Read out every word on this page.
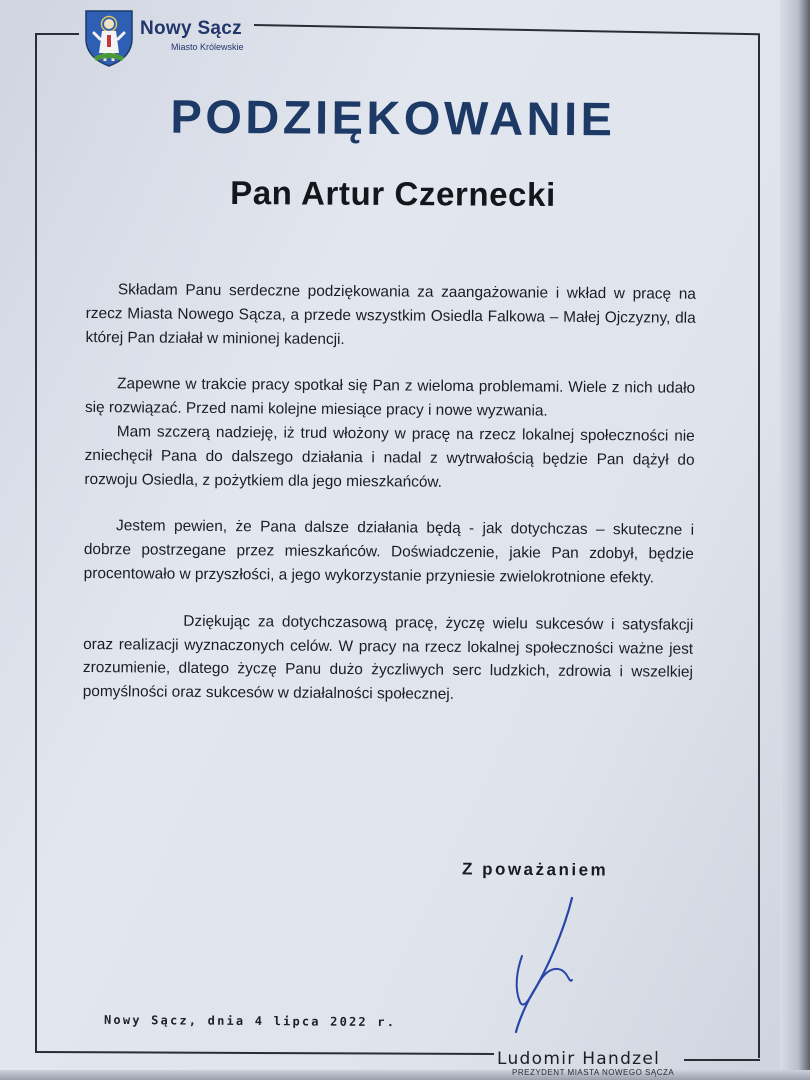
Nowy Sącz
Miasto Królewskie
PODZIĘKOWANIE
Pan Artur Czernecki

Składam Panu serdeczne podziękowania za zaangażowanie i wkład w pracę na rzecz Miasta Nowego Sącza, a przede wszystkim Osiedla Falkowa – Małej Ojczyzny, dla której Pan działał w minionej kadencji.

Zapewne w trakcie pracy spotkał się Pan z wieloma problemami. Wiele z nich udało się rozwiązać. Przed nami kolejne miesiące pracy i nowe wyzwania.

Mam szczerą nadzieję, iż trud włożony w pracę na rzecz lokalnej społeczności nie zniechęcił Pana do dalszego działania i nadal z wytrwałością będzie Pan dążył do rozwoju Osiedla, z pożytkiem dla jego mieszkańców.

Jestem pewien, że Pana dalsze działania będą - jak dotychczas – skuteczne i dobrze postrzegane przez mieszkańców. Doświadczenie, jakie Pan zdobył, będzie procentowało w przyszłości, a jego wykorzystanie przyniesie zwielokrotnione efekty.

Dziękując za dotychczasową pracę, życzę wielu sukcesów i satysfakcji oraz realizacji wyznaczonych celów. W pracy na rzecz lokalnej społeczności ważne jest zrozumienie, dlatego życzę Panu dużo życzliwych serc ludzkich, zdrowia i wszelkiej pomyślności oraz sukcesów w działalności społecznej.

Z poważaniem
Nowy Sącz, dnia 4 lipca 2022 r.
Ludomir Handzel
PREZYDENT MIASTA NOWEGO SĄCZA
